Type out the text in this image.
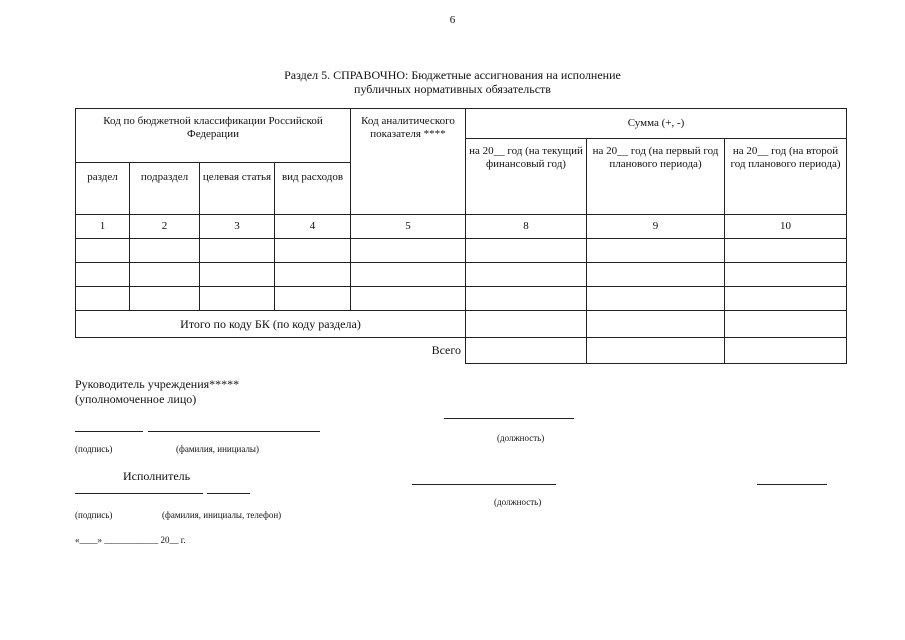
6
Раздел 5. СПРАВОЧНО: Бюджетные ассигнования на исполнение
публичных нормативных обязательств
Код по бюджетной классификации Российской Федерации				Код аналитического показателя ****	Сумма (+, -)		
					на 20__ год (на текущий финансовый год)	на 20__ год (на первый год планового периода)	на 20__ год (на второй год планового периода)
раздел	подраздел	целевая статья	вид расходов				
1	2	3	4	5	8	9	10

Итого по коду БК (по коду раздела)							
Всего							
Руководитель учреждения*****
(уполномоченное лицо)
(должность)
(подпись)	(фамилия, инициалы)
Исполнитель
(должность)
(подпись)	(фамилия, инициалы, телефон)
«____» ____________ 20__ г.
